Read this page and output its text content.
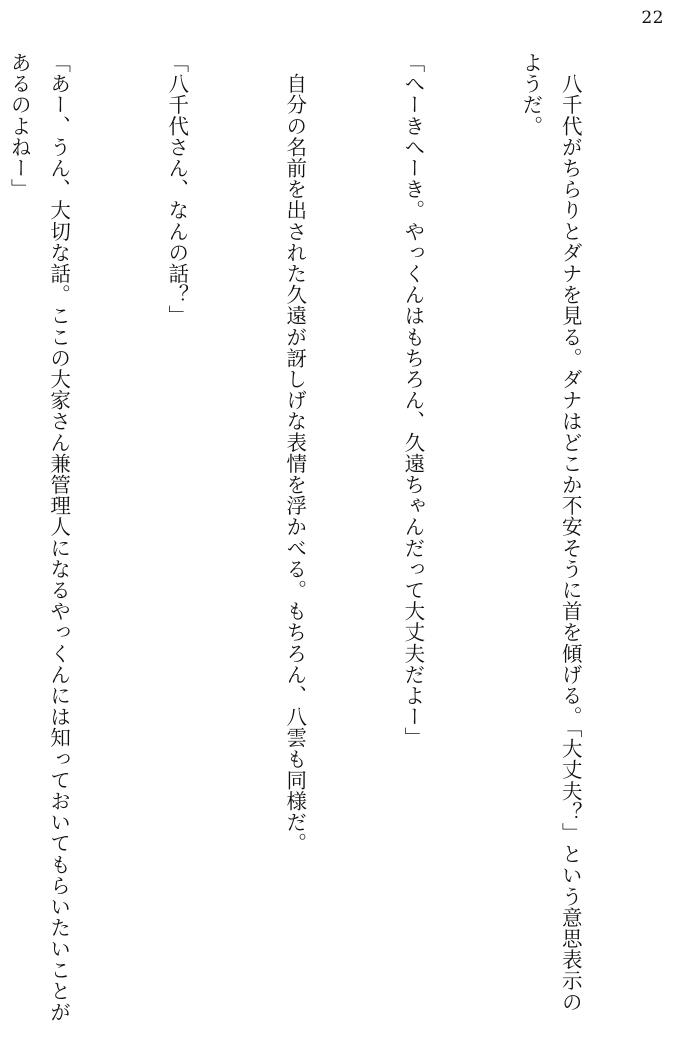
22

　八千代がちらりとダナを見る。ダナはどこか不安そうに首を傾げる。「大丈夫？」という意思表示のようだ。

「へーきへーき。やっくんはもちろん、久遠ちゃんだって大丈夫だよー」

　自分の名前を出された久遠が訝しげな表情を浮かべる。もちろん、八雲も同様だ。

「八千代さん、なんの話？」

「あー、うん、大切な話。ここの大家さん兼管理人になるやっくんには知っておいてもらいたいことがあるのよねー」
